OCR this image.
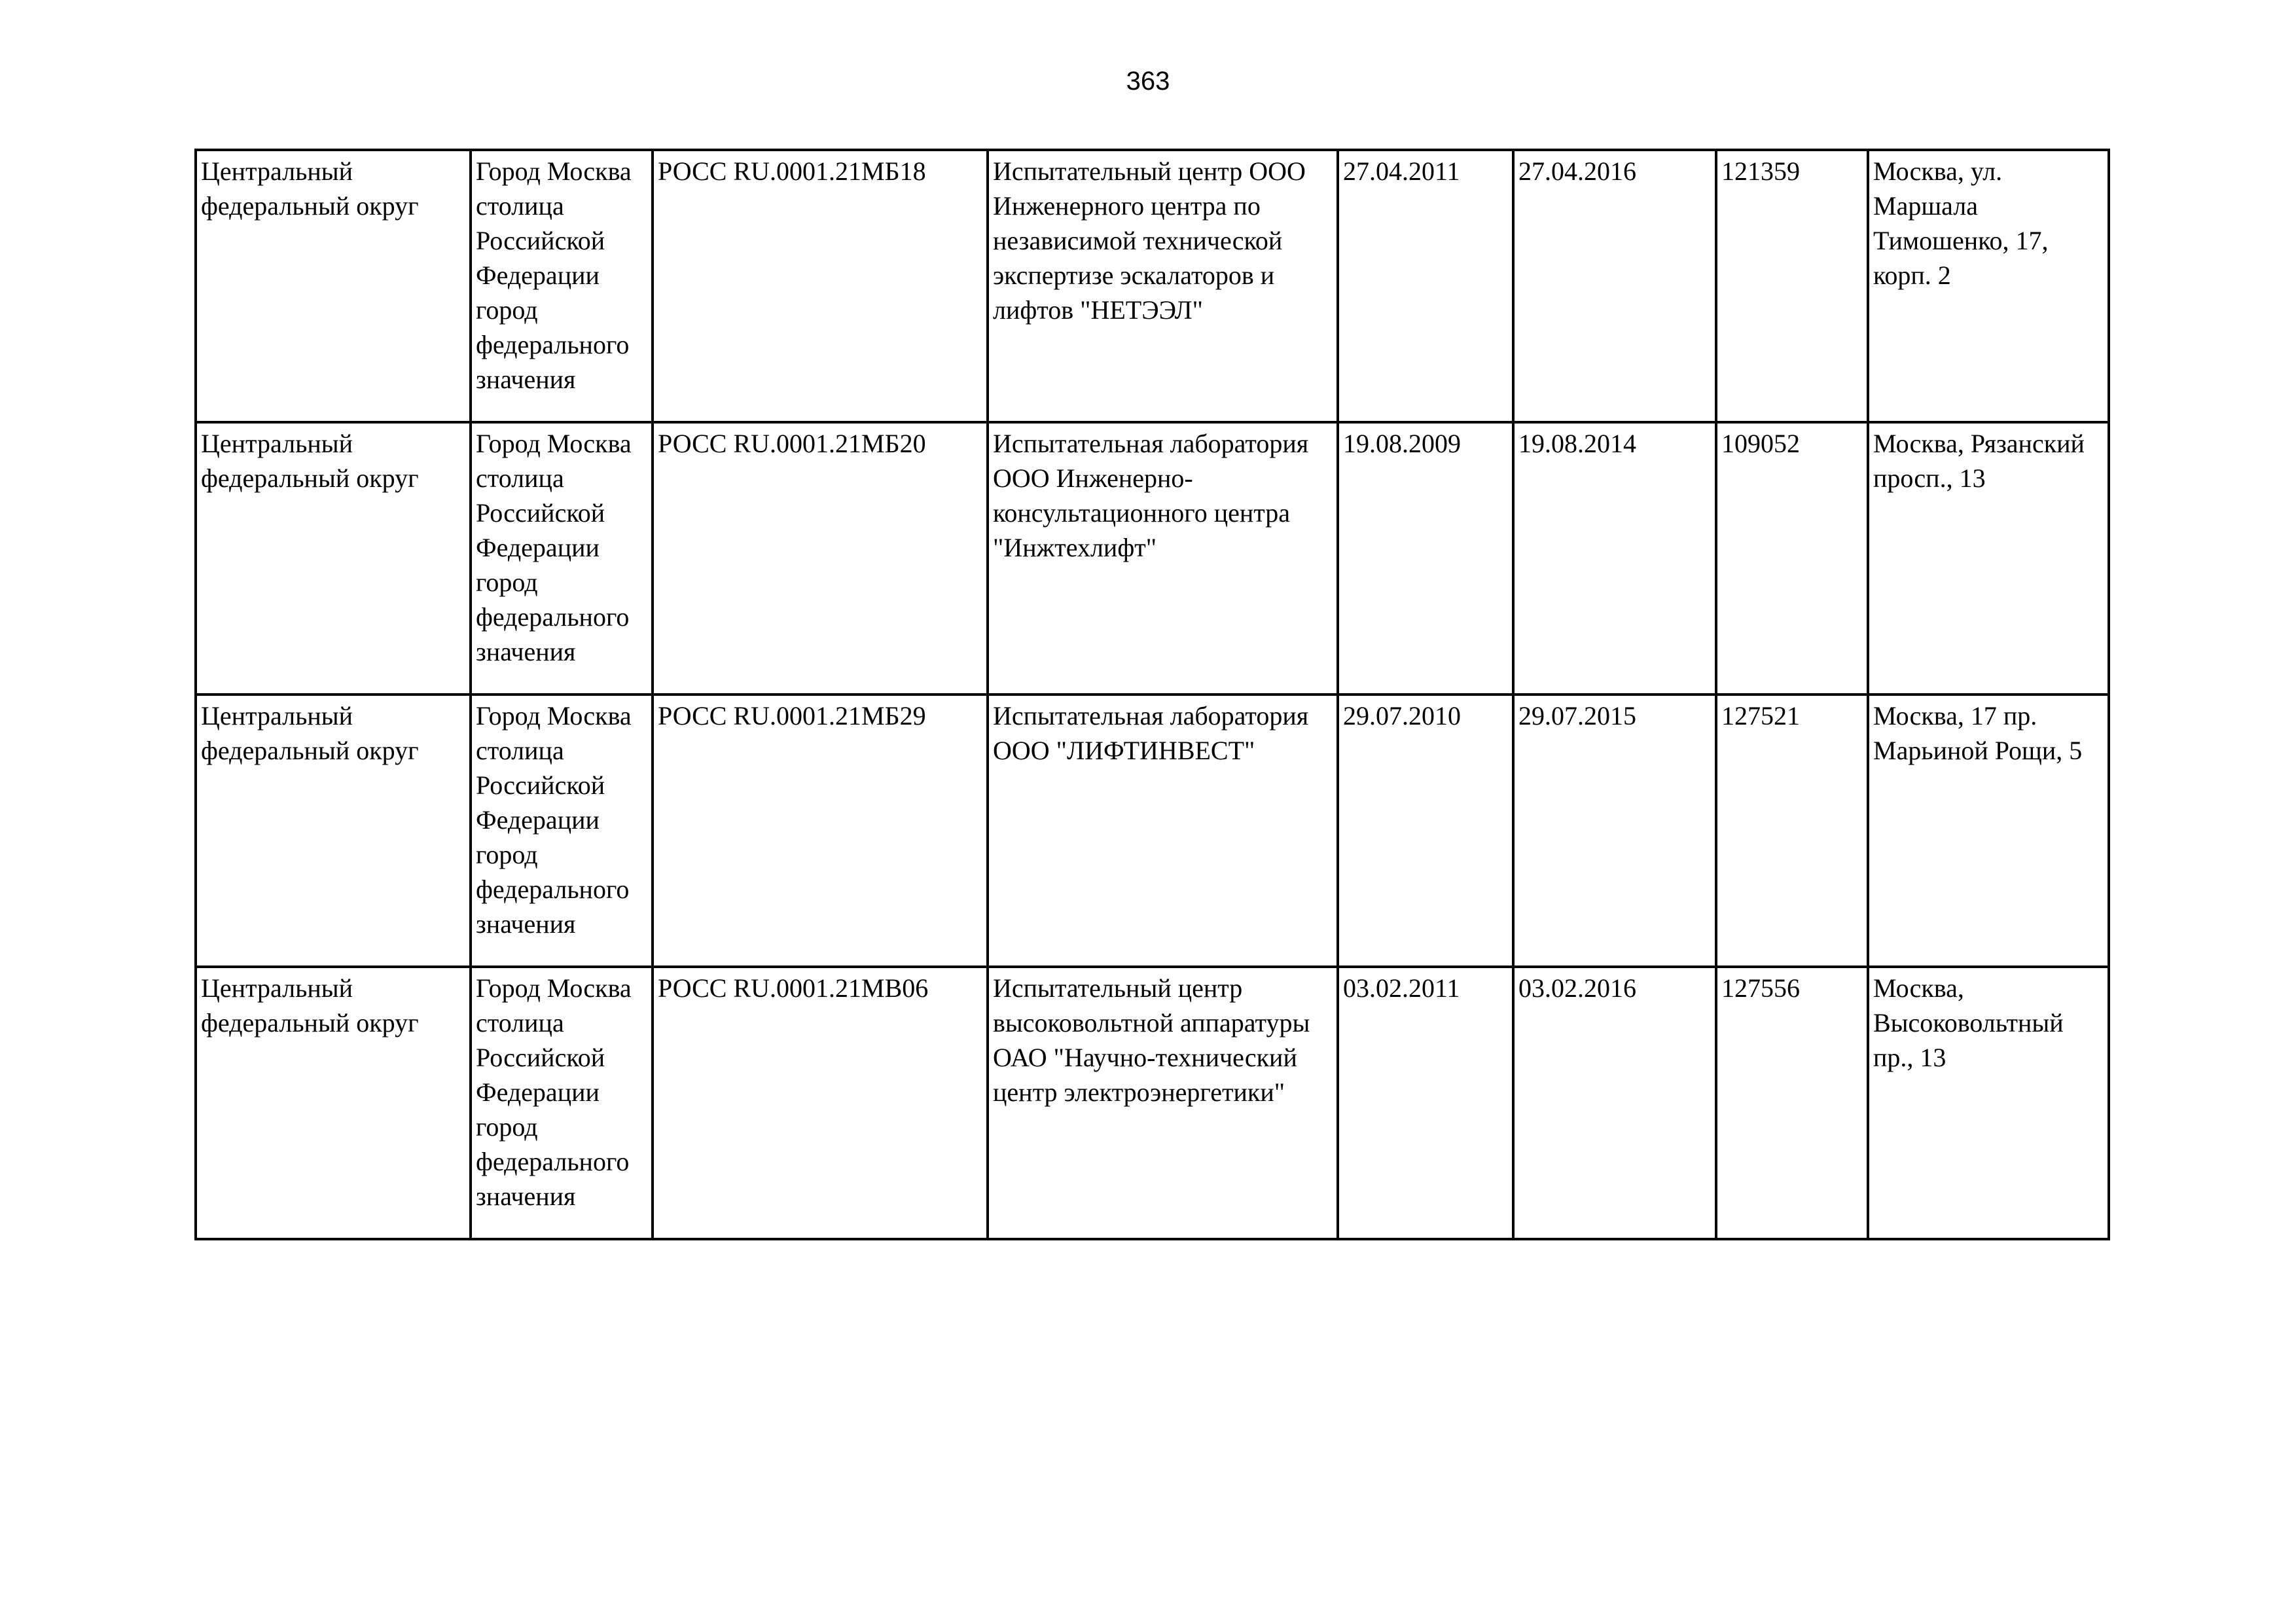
363
Центральный федеральный округ	Город Москва столица Российской Федерации город федерального значения	РОСС RU.0001.21МБ18	Испытательный центр ООО Инженерного центра по независимой технической экспертизе эскалаторов и лифтов "НЕТЭЭЛ"	27.04.2011	27.04.2016	121359	Москва, ул. Маршала Тимошенко, 17, корп. 2

Центральный федеральный округ	Город Москва столица Российской Федерации город федерального значения	РОСС RU.0001.21МБ20	Испытательная лаборатория ООО Инженерно-консультационного центра "Инжтехлифт"	19.08.2009	19.08.2014	109052	Москва, Рязанский просп., 13

Центральный федеральный округ	Город Москва столица Российской Федерации город федерального значения	РОСС RU.0001.21МБ29	Испытательная лаборатория ООО "ЛИФТИНВЕСТ"	29.07.2010	29.07.2015	127521	Москва, 17 пр. Марьиной Рощи, 5

Центральный федеральный округ	Город Москва столица Российской Федерации город федерального значения	РОСС RU.0001.21МВ06	Испытательный центр высоковольтной аппаратуры ОАО "Научно-технический центр электроэнергетики"	03.02.2011	03.02.2016	127556	Москва, Высоковольтный пр., 13
